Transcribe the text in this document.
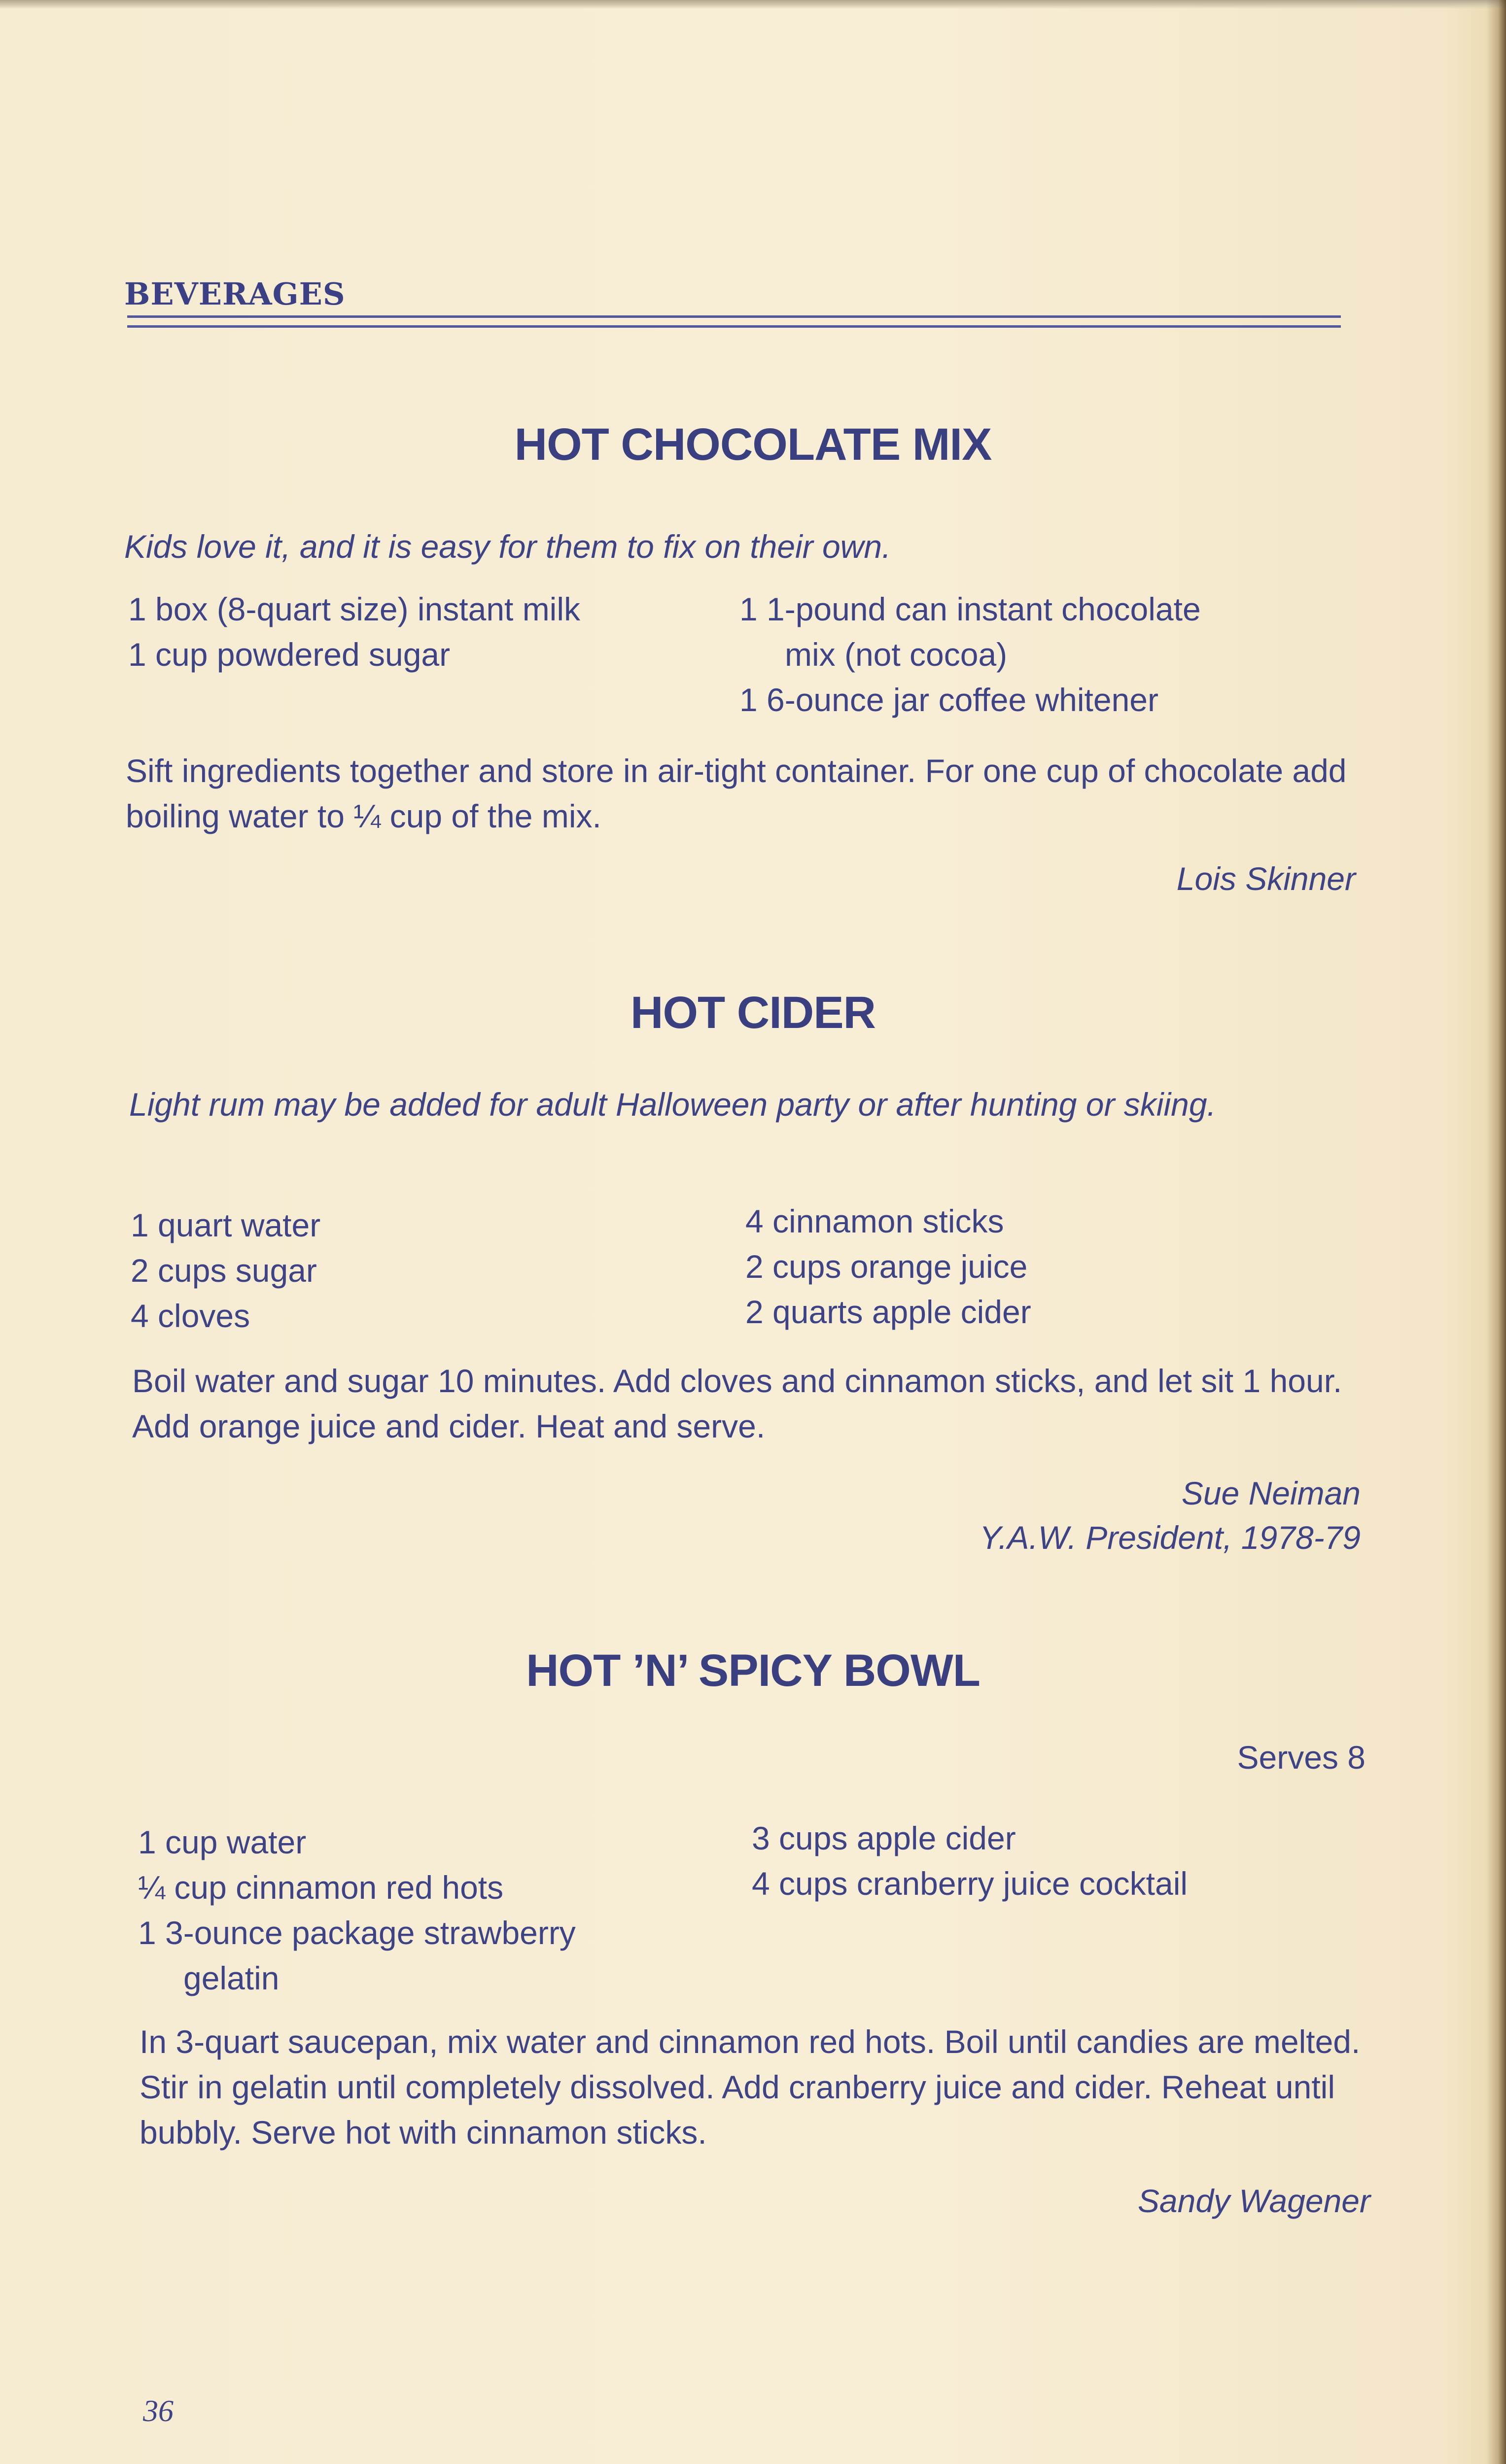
BEVERAGES
HOT CHOCOLATE MIX
Kids love it, and it is easy for them to fix on their own.
1 box (8-quart size) instant milk
1 cup powdered sugar
1 1-pound can instant chocolate
mix (not cocoa)
1 6-ounce jar coffee whitener
Sift ingredients together and store in air-tight container. For one cup of chocolate add boiling water to ¼ cup of the mix.
Lois Skinner
HOT CIDER
Light rum may be added for adult Halloween party or after hunting or skiing.
1 quart water
2 cups sugar
4 cloves
4 cinnamon sticks
2 cups orange juice
2 quarts apple cider
Boil water and sugar 10 minutes. Add cloves and cinnamon sticks, and let sit 1 hour. Add orange juice and cider. Heat and serve.
Sue Neiman
Y.A.W. President, 1978-79
HOT ’N’ SPICY BOWL
Serves 8
1 cup water
¼ cup cinnamon red hots
1 3-ounce package strawberry
gelatin
3 cups apple cider
4 cups cranberry juice cocktail
In 3-quart saucepan, mix water and cinnamon red hots. Boil until candies are melted. Stir in gelatin until completely dissolved. Add cranberry juice and cider. Reheat until bubbly. Serve hot with cinnamon sticks.
Sandy Wagener
36
